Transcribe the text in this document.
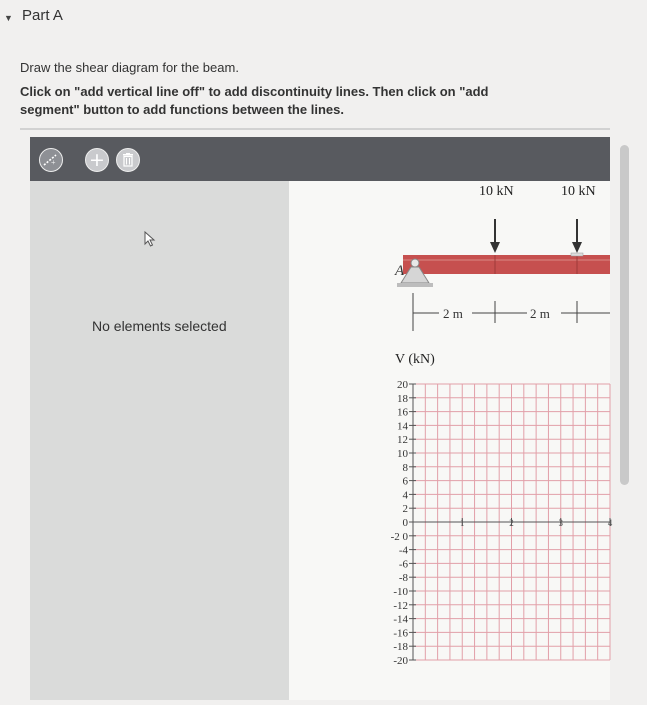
▼ Part A
Draw the shear diagram for the beam.
Click on "add vertical line off" to add discontinuity lines. Then click on "add segment" button to add functions between the lines.
+ +
No elements selected
A
10 kN	10 kN
2 m	2 m
V (kN)
20
18
16
14
12
10
8
6
4
2
0
-2 0
-4
-6
-8
-10
-12
-14
-16
-18
-20
1	2	3	4
